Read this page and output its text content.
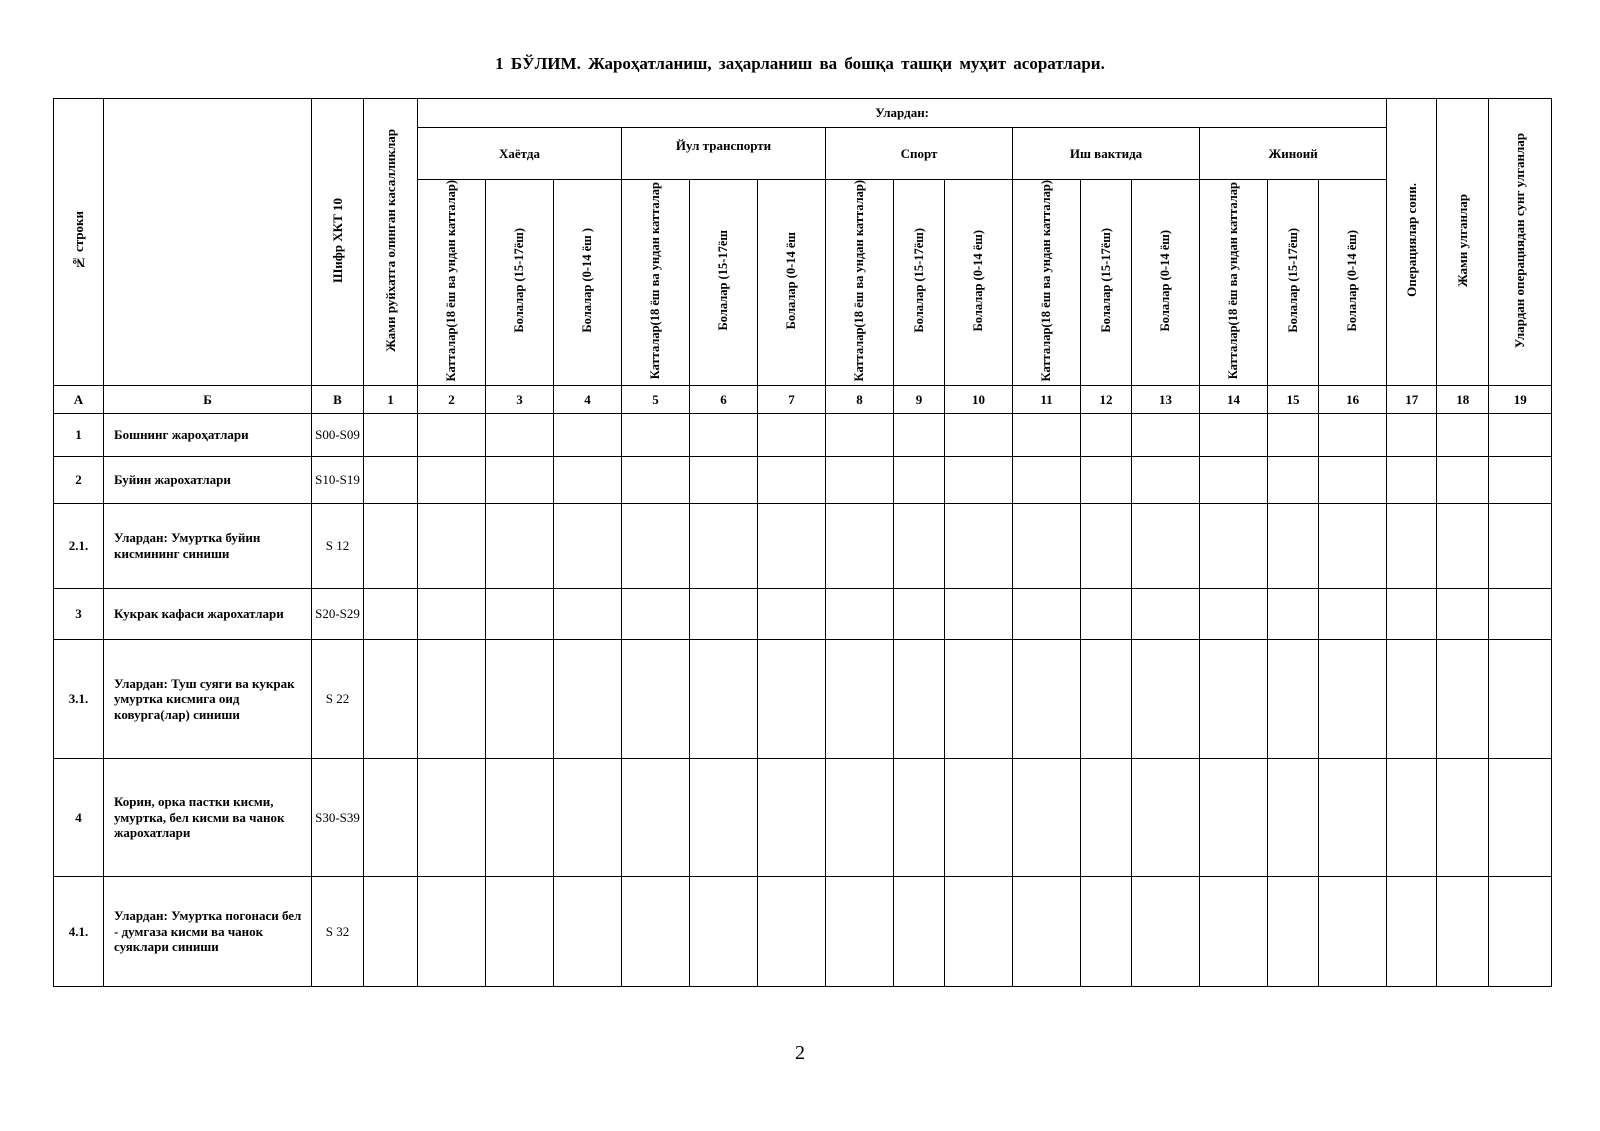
1 БЎЛИМ. Жароҳатланиш, заҳарланиш ва бошқа ташқи муҳит асоратлари.
№ строки		Шифр ХКТ 10	Жами руйхатга олинган касалликлар	Улардан:															Операциялар сони.	Жами улганлар	Улардан операциядан сунг улганлар
				Хаётда			Йул транспорти			Спорт			Иш вактида			Жиноий					
				Катталар(18 ёш ва ундан катталар)	Болалар (15-17ёш)	Болалар (0-14 ёш )	Катталар(18 ёш ва ундан катталар	Болалар (15-17ёш	Болалар (0-14 ёш	Катталар(18 ёш ва ундан катталар)	Болалар (15-17ёш)	Болалар (0-14 ёш)	Катталар(18 ёш ва ундан катталар)	Болалар (15-17ёш)	Болалар (0-14 ёш)	Катталар(18 ёш ва ундан катталар	Болалар (15-17ёш)	Болалар (0-14 ёш)			
А	Б	В	1	2	3	4	5	6	7	8	9	10	11	12	13	14	15	16	17	18	19
1	Бошнинг жароҳатлари	S00-S09																			
2	Буйин жарохатлари	S10-S19																			
2.1.	Улардан: Умуртка буйин кисмининг синиши	S 12																			
3	Кукрак кафаси жарохатлари	S20-S29																			
3.1.	Улардан: Туш суяги ва кукрак умуртка кисмига оид ковурга(лар) синиши	S 22																			
4	Корин, орка пастки кисми, умуртка, бел кисми ва чанок жарохатлари	S30-S39																			
4.1.	Улардан: Умуртка погонаси бел - думгаза кисми ва чанок суяклари синиши	S 32																			
2
